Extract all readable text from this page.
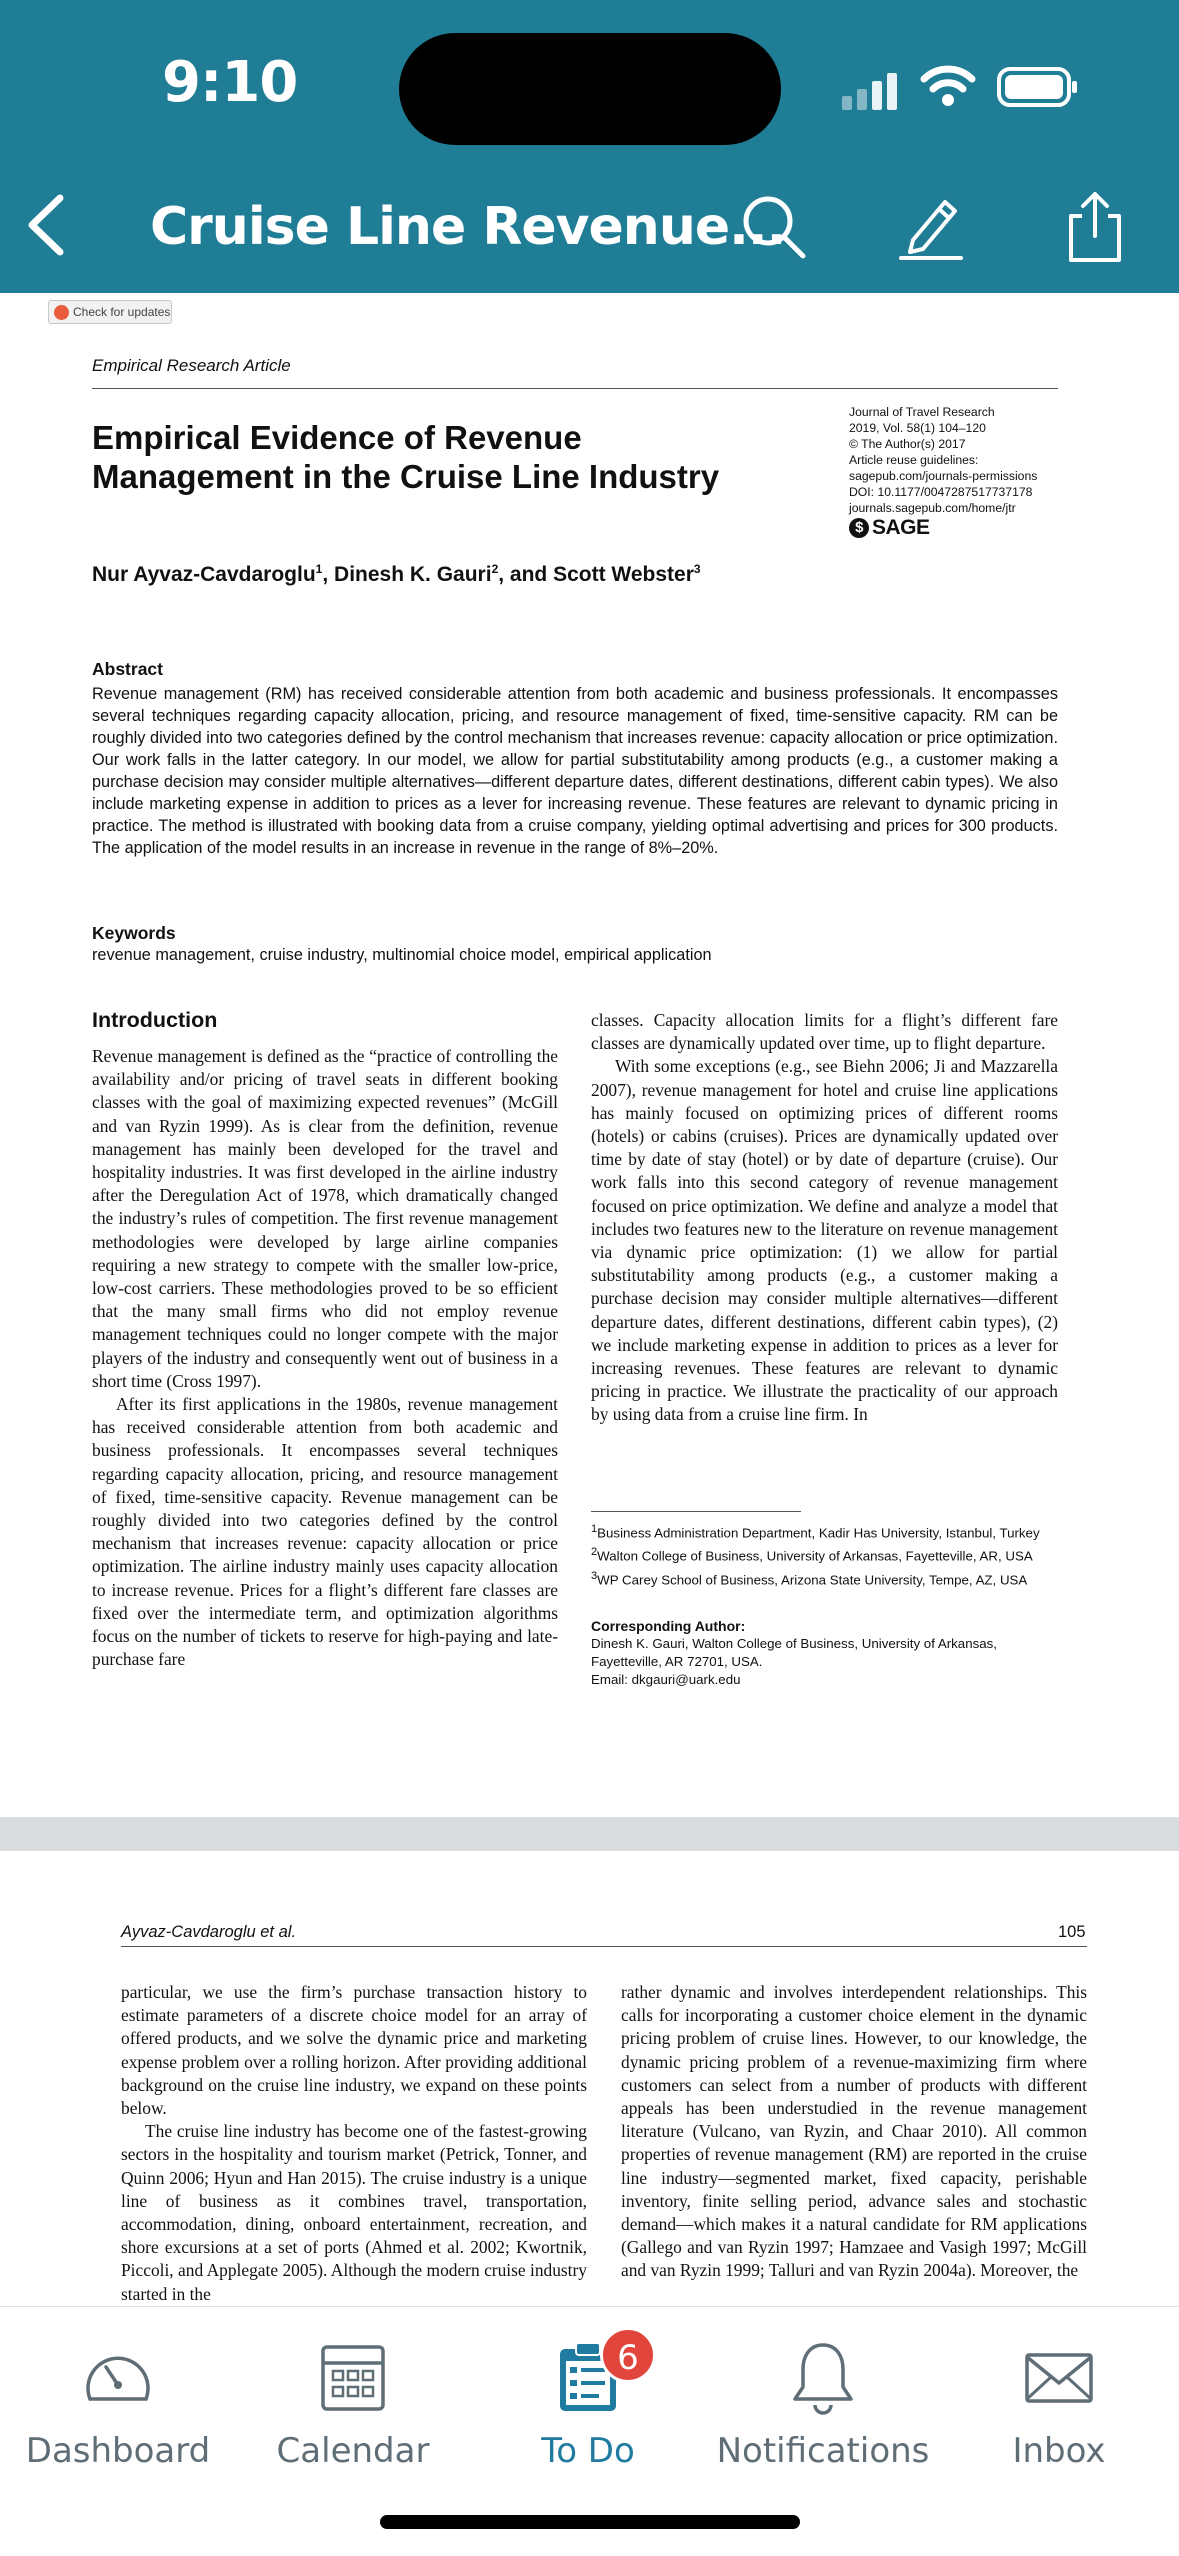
9:10
Cruise Line Revenue...
Check for updates
Empirical Research Article
Journal of Travel Research
2019, Vol. 58(1) 104–120
© The Author(s) 2017
Article reuse guidelines:
sagepub.com/journals-permissions
DOI: 10.1177/0047287517737178
journals.sagepub.com/home/jtr
$ SAGE
Empirical Evidence of Revenue Management in the Cruise Line Industry
Nur Ayvaz-Cavdaroglu$^1$, Dinesh K. Gauri$^2$, and Scott Webster$^3$
Abstract
Revenue management (RM) has received considerable attention from both academic and business professionals. It encompasses several techniques regarding capacity allocation, pricing, and resource management of fixed, time-sensitive capacity. RM can be roughly divided into two categories defined by the control mechanism that increases revenue: capacity allocation or price optimization. Our work falls in the latter category. In our model, we allow for partial substitutability among products (e.g., a customer making a purchase decision may consider multiple alternatives—different departure dates, different destinations, different cabin types). We also include marketing expense in addition to prices as a lever for increasing revenue. These features are relevant to dynamic pricing in practice. The method is illustrated with booking data from a cruise company, yielding optimal advertising and prices for 300 products. The application of the model results in an increase in revenue in the range of 8%–20%.
Keywords
revenue management, cruise industry, multinomial choice model, empirical application
Introduction

Revenue management is defined as the “practice of controlling the availability and/or pricing of travel seats in different booking classes with the goal of maximizing expected revenues” (McGill and van Ryzin 1999). As is clear from the definition, revenue management has mainly been developed for the travel and hospitality industries. It was first developed in the airline industry after the Deregulation Act of 1978, which dramatically changed the industry’s rules of competition. The first revenue management methodologies were developed by large airline companies requiring a new strategy to compete with the smaller low-price, low-cost carriers. These methodologies proved to be so efficient that the many small firms who did not employ revenue management techniques could no longer compete with the major players of the industry and consequently went out of business in a short time (Cross 1997).

After its first applications in the 1980s, revenue management has received considerable attention from both academic and business professionals. It encompasses several techniques regarding capacity allocation, pricing, and resource management of fixed, time-sensitive capacity. Revenue management can be roughly divided into two categories defined by the control mechanism that increases revenue: capacity allocation or price optimization. The airline industry mainly uses capacity allocation to increase revenue. Prices for a flight’s different fare classes are fixed over the intermediate term, and optimization algorithms focus on the number of tickets to reserve for high-paying and late-purchase fare

classes. Capacity allocation limits for a flight’s different fare classes are dynamically updated over time, up to flight departure.

With some exceptions (e.g., see Biehn 2006; Ji and Mazzarella 2007), revenue management for hotel and cruise line applications has mainly focused on optimizing prices of different rooms (hotels) or cabins (cruises). Prices are dynamically updated over time by date of stay (hotel) or by date of departure (cruise). Our work falls into this second category of revenue management focused on price optimization. We define and analyze a model that includes two features new to the literature on revenue management via dynamic price optimization: (1) we allow for partial substitutability among products (e.g., a customer making a purchase decision may consider multiple alternatives—different departure dates, different destinations, different cabin types), (2) we include marketing expense in addition to prices as a lever for increasing revenues. These features are relevant to dynamic pricing in practice. We illustrate the practicality of our approach by using data from a cruise line firm. In

$^1$Business Administration Department, Kadir Has University, Istanbul, Turkey
$^2$Walton College of Business, University of Arkansas, Fayetteville, AR, USA
$^3$WP Carey School of Business, Arizona State University, Tempe, AZ, USA
Corresponding Author:
Dinesh K. Gauri, Walton College of Business, University of Arkansas,
Fayetteville, AR 72701, USA.
Email: dkgauri@uark.edu
Ayvaz-Cavdaroglu et al.	105

particular, we use the firm’s purchase transaction history to estimate parameters of a discrete choice model for an array of offered products, and we solve the dynamic price and marketing expense problem over a rolling horizon. After providing additional background on the cruise line industry, we expand on these points below.

The cruise line industry has become one of the fastest-growing sectors in the hospitality and tourism market (Petrick, Tonner, and Quinn 2006; Hyun and Han 2015). The cruise industry is a unique line of business as it combines travel, transportation, accommodation, dining, onboard entertainment, recreation, and shore excursions at a set of ports (Ahmed et al. 2002; Kwortnik, Piccoli, and Applegate 2005). Although the modern cruise industry started in the

rather dynamic and involves interdependent relationships. This calls for incorporating a customer choice element in the dynamic pricing problem of cruise lines. However, to our knowledge, the dynamic pricing problem of a revenue-maximizing firm where customers can select from a number of products with different appeals has been understudied in the revenue management literature (Vulcano, van Ryzin, and Chaar 2010). All common properties of revenue management (RM) are reported in the cruise line industry—segmented market, fixed capacity, perishable inventory, finite selling period, advance sales and stochastic demand—which makes it a natural candidate for RM applications (Gallego and van Ryzin 1997; Hamzaee and Vasigh 1997; McGill and van Ryzin 1999; Talluri and van Ryzin 2004a). Moreover, the

Dashboard	Calendar
6
To Do	Notifications	Inbox
